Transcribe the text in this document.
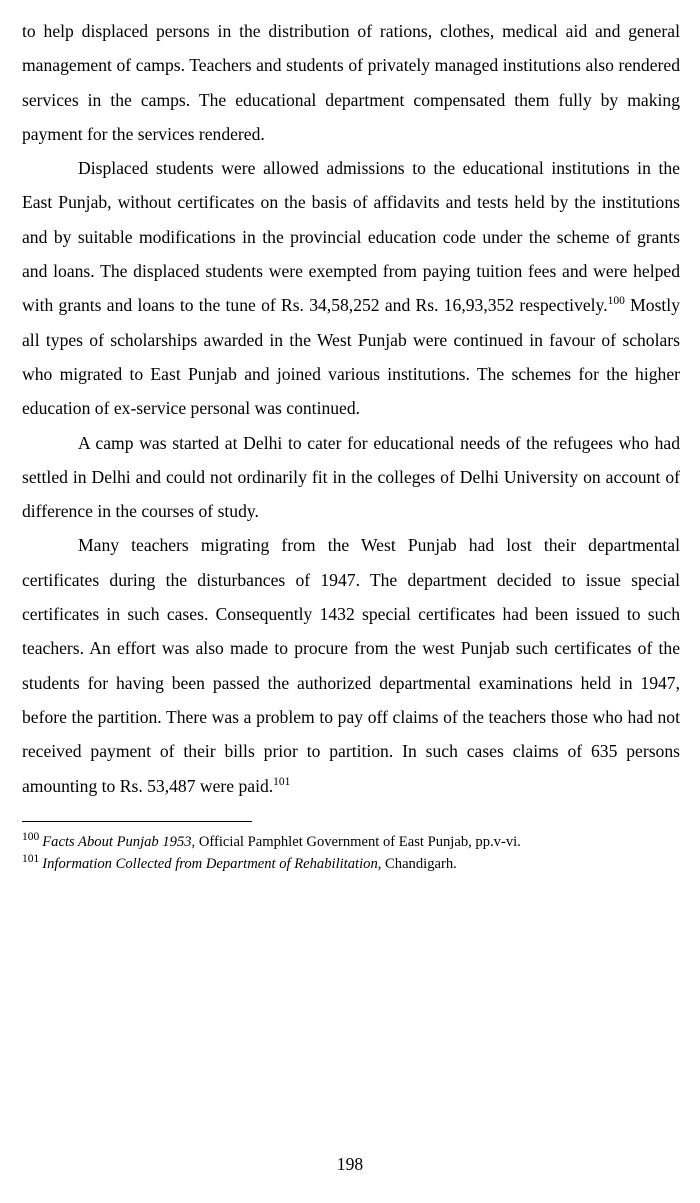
to help displaced persons in the distribution of rations, clothes, medical aid and general management of camps. Teachers and students of privately managed institutions also rendered services in the camps. The educational department compensated them fully by making payment for the services rendered.

Displaced students were allowed admissions to the educational institutions in the East Punjab, without certificates on the basis of affidavits and tests held by the institutions and by suitable modifications in the provincial education code under the scheme of grants and loans. The displaced students were exempted from paying tuition fees and were helped with grants and loans to the tune of Rs. 34,58,252 and Rs. 16,93,352 respectively.$^{100}$ Mostly all types of scholarships awarded in the West Punjab were continued in favour of scholars who migrated to East Punjab and joined various institutions. The schemes for the higher education of ex-service personal was continued.

A camp was started at Delhi to cater for educational needs of the refugees who had settled in Delhi and could not ordinarily fit in the colleges of Delhi University on account of difference in the courses of study.

Many teachers migrating from the West Punjab had lost their departmental certificates during the disturbances of 1947. The department decided to issue special certificates in such cases. Consequently 1432 special certificates had been issued to such teachers. An effort was also made to procure from the west Punjab such certificates of the students for having been passed the authorized departmental examinations held in 1947, before the partition. There was a problem to pay off claims of the teachers those who had not received payment of their bills prior to partition. In such cases claims of 635 persons amounting to Rs. 53,487 were paid.$^{101}$

$^{100}$ Facts About Punjab 1953, Official Pamphlet Government of East Punjab, pp.v-vi.
$^{101}$ Information Collected from Department of Rehabilitation, Chandigarh.
198
